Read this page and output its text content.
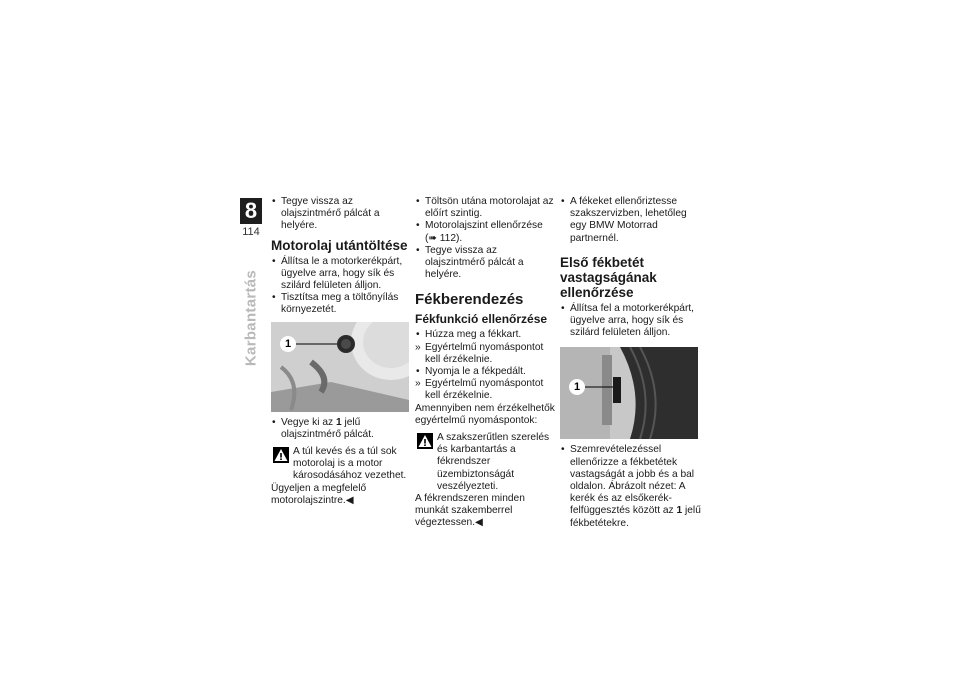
8
114
Karbantartás
• Tegye vissza az olajszintmérő pálcát a helyére.
Motorolaj utántöltése
• Állítsa le a motorkerékpárt, ügyelve arra, hogy sík és szilárd felületen álljon.
• Tisztítsa meg a töltőnyílás környezetét.
1
• Vegye ki az 1 jelű olajszintmérő pálcát.

A túl kevés és a túl sok motorolaj is a motor károsodásához vezethet.

Ügyeljen a megfelelő motorolajszintre.◀

• Töltsön utána motorolajat az előírt szintig.
• Motorolajszint ellenőrzése (➠ 112).
• Tegye vissza az olajszintmérő pálcát a helyére.
Fékberendezés
Fékfunkció ellenőrzése
• Húzza meg a fékkart.
» Egyértelmű nyomáspontot kell érzékelnie.
• Nyomja le a fékpedált.
» Egyértelmű nyomáspontot kell érzékelnie.

Amennyiben nem érzékelhetők egyértelmű nyomáspontok:

A szakszerűtlen szerelés és karbantartás a fékrendszer üzembiztonságát veszélyezteti.

A fékrendszeren minden munkát szakemberrel végeztessen.◀

• A fékeket ellenőriztesse szakszervizben, lehetőleg egy BMW Motorrad partnernél.
Első fékbetét vastagságának ellenőrzése
• Állítsa fel a motorkerékpárt, ügyelve arra, hogy sík és szilárd felületen álljon.
1
• Szemrevételezéssel ellenőrizze a fékbetétek vastagságát a jobb és a bal oldalon. Ábrázolt nézet: A kerék és az elsőkerék-felfüggesztés között az 1 jelű fékbetétekre.
